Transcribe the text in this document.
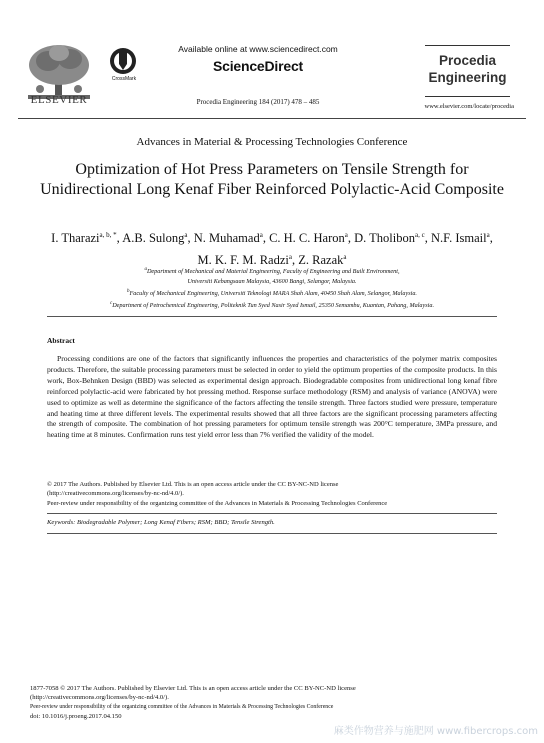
ELSEVIER
CrossMark
Available online at www.sciencedirect.com
ScienceDirect
Procedia Engineering 184 (2017) 478 – 485
Procedia
Engineering
www.elsevier.com/locate/procedia
Advances in Material & Processing Technologies Conference
Optimization of Hot Press Parameters on Tensile Strength for Unidirectional Long Kenaf Fiber Reinforced Polylactic-Acid Composite
I. Tharazi$^{a, b, *}$, A.B. Sulong$^a$, N. Muhamad$^a$, C. H. C. Haron$^a$, D. Tholibon$^{a, c}$, N.F. Ismail$^a$,
M. K. F. M. Radzi$^a$, Z. Razak$^a$
$^a$Department of Mechanical and Material Engineering, Faculty of Engineering and Built Environment,
Universiti Kebangsaan Malaysia, 43600 Bangi, Selangor, Malaysia.
$^b$Faculty of Mechanical Engineering, Universiti Teknologi MARA Shah Alam, 40450 Shah Alam, Selangor, Malaysia.
$^c$Department of Petrochemical Engineering, Politeknik Tun Syed Nasir Syed Ismail, 25350 Semambu, Kuantan, Pahang, Malaysia.
Abstract
Processing conditions are one of the factors that significantly influences the properties and characteristics of the polymer matrix composites products. Therefore, the suitable processing parameters must be selected in order to yield the optimum properties of the composite products. In this work, Box-Behnken Design (BBD) was selected as experimental design approach. Biodegradable composites from unidirectional long kenaf fibre reinforced polylactic-acid were fabricated by hot pressing method. Response surface methodology (RSM) and analysis of variance (ANOVA) were used to optimize as well as determine the significance of the factors affecting the tensile strength. Three factors studied were pressure, temperature and heating time at three different levels. The experimental results showed that all three factors are the significant processing parameters affecting the strength of composite. The combination of hot pressing parameters for optimum tensile strength was 200°C temperature, 3MPa pressure, and heating time at 8 minutes. Confirmation runs test yield error less than 7% verified the validity of the model.
© 2017 The Authors. Published by Elsevier Ltd. This is an open access article under the CC BY-NC-ND license
(http://creativecommons.org/licenses/by-nc-nd/4.0/).
Peer-review under responsibility of the organizing committee of the Advances in Materials & Processing Technologies Conference
Keywords: Biodegradable Polymer; Long Kenaf Fibers; RSM; BBD; Tensile Strength.
1877-7058 © 2017 The Authors. Published by Elsevier Ltd. This is an open access article under the CC BY-NC-ND license
(http://creativecommons.org/licenses/by-nc-nd/4.0/).
Peer-review under responsibility of the organizing committee of the Advances in Materials & Processing Technologies Conference
doi: 10.1016/j.proeng.2017.04.150
麻类作物营养与施肥网 www.fibercrops.com
